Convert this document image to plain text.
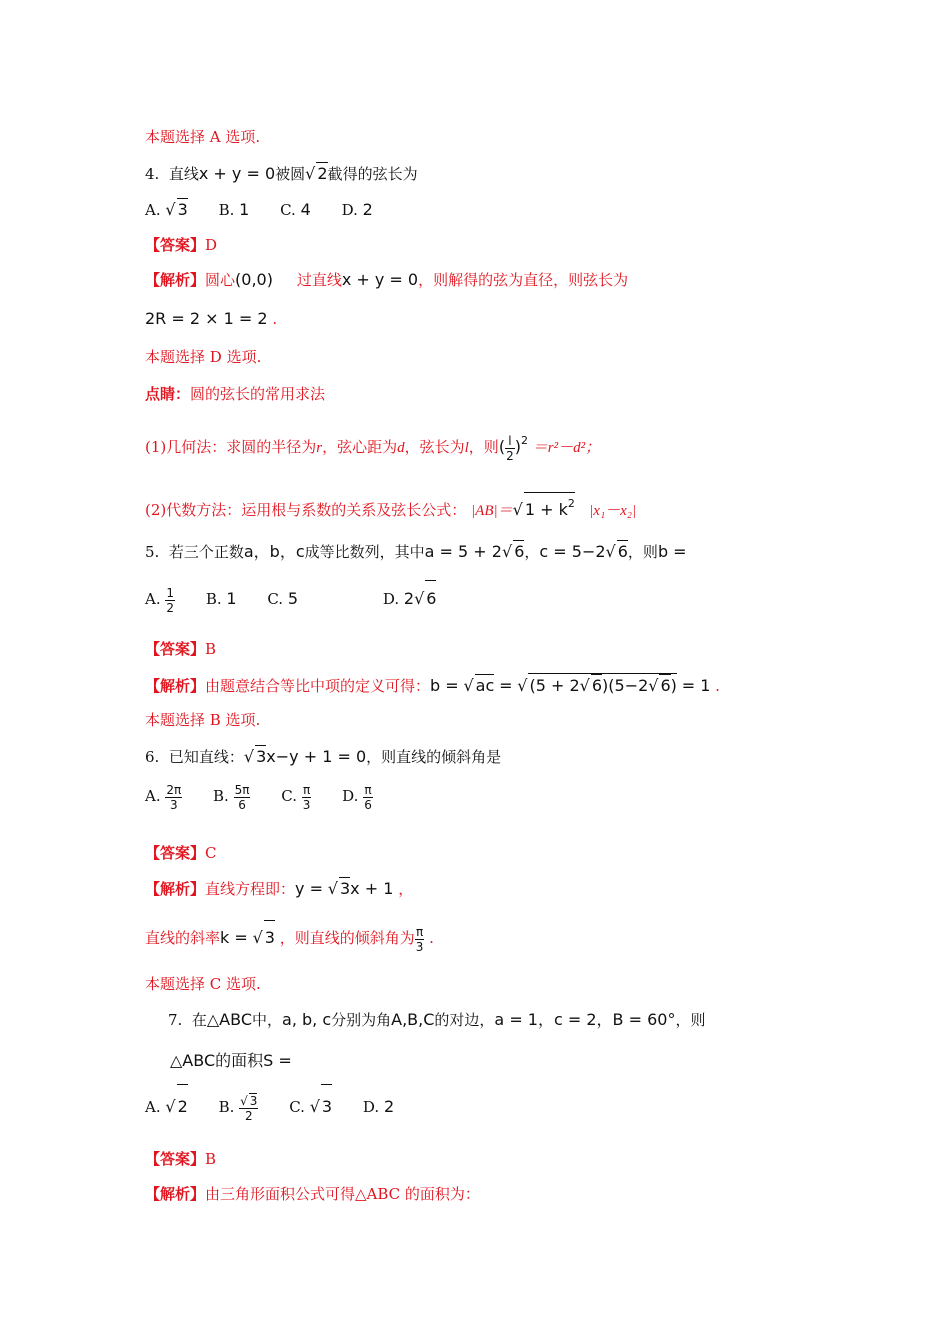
本题选择 A 选项.
4. 直线x + y = 0被圆√ 2截得的弦长为
A. √ 3 B. 1 C. 4 D. 2
【答案】D
【解析】圆心(0,0) 过直线x + y = 0，则解得的弦为直径，则弦长为
2R = 2 × 1 = 2 .
本题选择 D 选项.
点睛：圆的弦长的常用求法
(1)几何法：求圆的半径为r，弦心距为d，弦长为l，则( $\frac{l}{2} )^2 =r^2-d^2$；
(2)代数方法：运用根与系数的关系及弦长公式： |AB|＝√ $1 + k^2$ |x₁－x₂|
5. 若三个正数a，b，c成等比数列，其中a = 5 + 2√ 6，c = 5−2√ 6，则b =
A. $\frac{1}{2} B$. 1 C. 5	D. 2√ 6
【答案】B
【解析】由题意结合等比中项的定义可得：b = √ ac = √ (5 + 2√ 6)(5−2√ 6) = 1 .
本题选择 B 选项.
6. 已知直线：√ 3x−y + 1 = 0，则直线的倾斜角是
A. $\frac{2\pi}{3} B$. $\frac{5\pi}{6} C$. $\frac{\pi}{3} D$. $\frac{\pi}{6}$
【答案】C
【解析】直线方程即：y = √ 3x + 1 ，
直线的斜率k = √ 3 ，则直线的倾斜角为 $\frac{\pi}{3}$ .
本题选择 C 选项.
7. 在△ABC中，a, b, c分别为角A,B,C的对边，a = 1，c = 2，B = 60°，则
△ABC的面积S =
A. √ 2 B. $\frac{√ 3}{2} C$. √ 3 D. 2
【答案】B
【解析】由三角形面积公式可得△ABC 的面积为：
